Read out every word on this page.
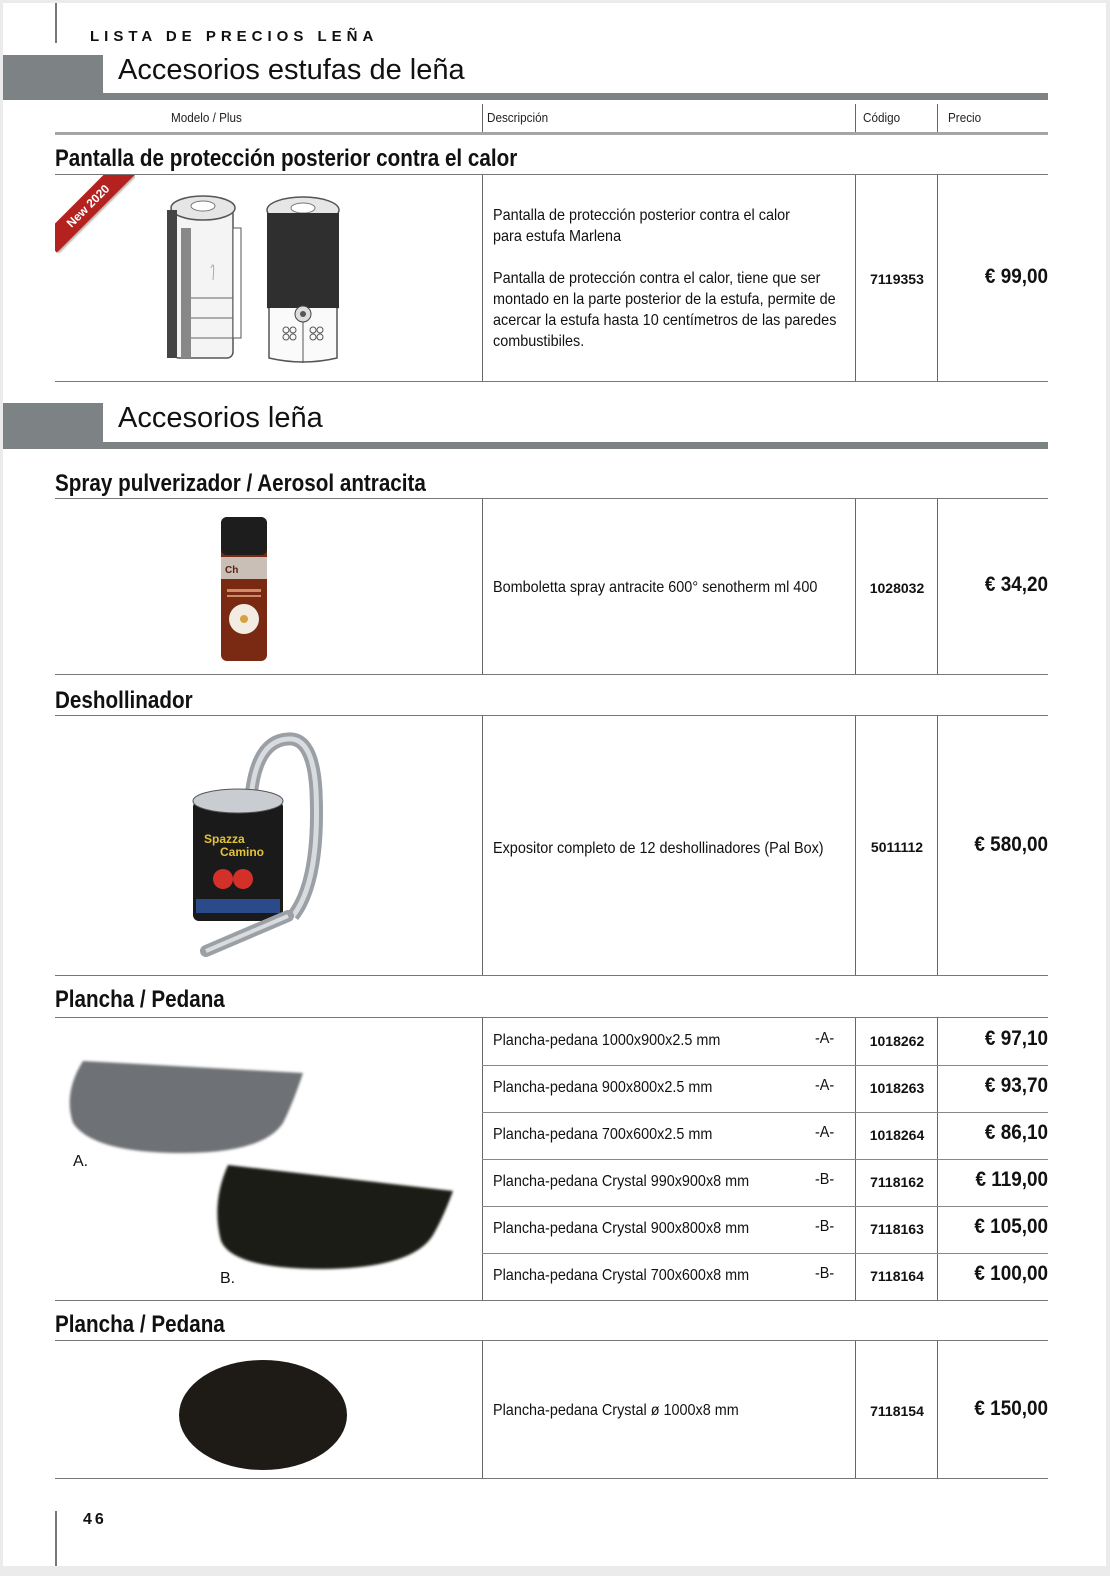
LISTA DE PRECIOS LEÑA
Accesorios estufas de leña
Modelo / Plus	Descripción	Código	Precio
Pantalla de protección posterior contra el calor
New 2020	Pantalla de protección posterior contra el calor
para estufa Marlena
Pantalla de protección contra el calor, tiene que ser
montado en la parte posterior de la estufa, permite de
acercar la estufa hasta 10 centímetros de las paredes
combustibiles.
7119353	€ 99,00
Accesorios leña
Spray pulverizador / Aerosol antracita
Ch
Bomboletta spray antracite 600° senotherm ml 400	1028032	€ 34,20
Deshollinador
Spazza
Camino	Expositor completo de 12 deshollinadores (Pal Box)	5011112	€ 580,00
Plancha / Pedana
A.
B.
Plancha-pedana 1000x900x2.5 mm	-A-	1018262	€ 97,10
Plancha-pedana 900x800x2.5 mm	-A-	1018263	€ 93,70
Plancha-pedana 700x600x2.5 mm	-A-	1018264	€ 86,10
Plancha-pedana Crystal 990x900x8 mm	-B-	7118162	€ 119,00
Plancha-pedana Crystal 900x800x8 mm	-B-	7118163	€ 105,00
Plancha-pedana Crystal 700x600x8 mm	-B-	7118164	€ 100,00
Plancha / Pedana
Plancha-pedana Crystal ø 1000x8 mm	7118154	€ 150,00
46
